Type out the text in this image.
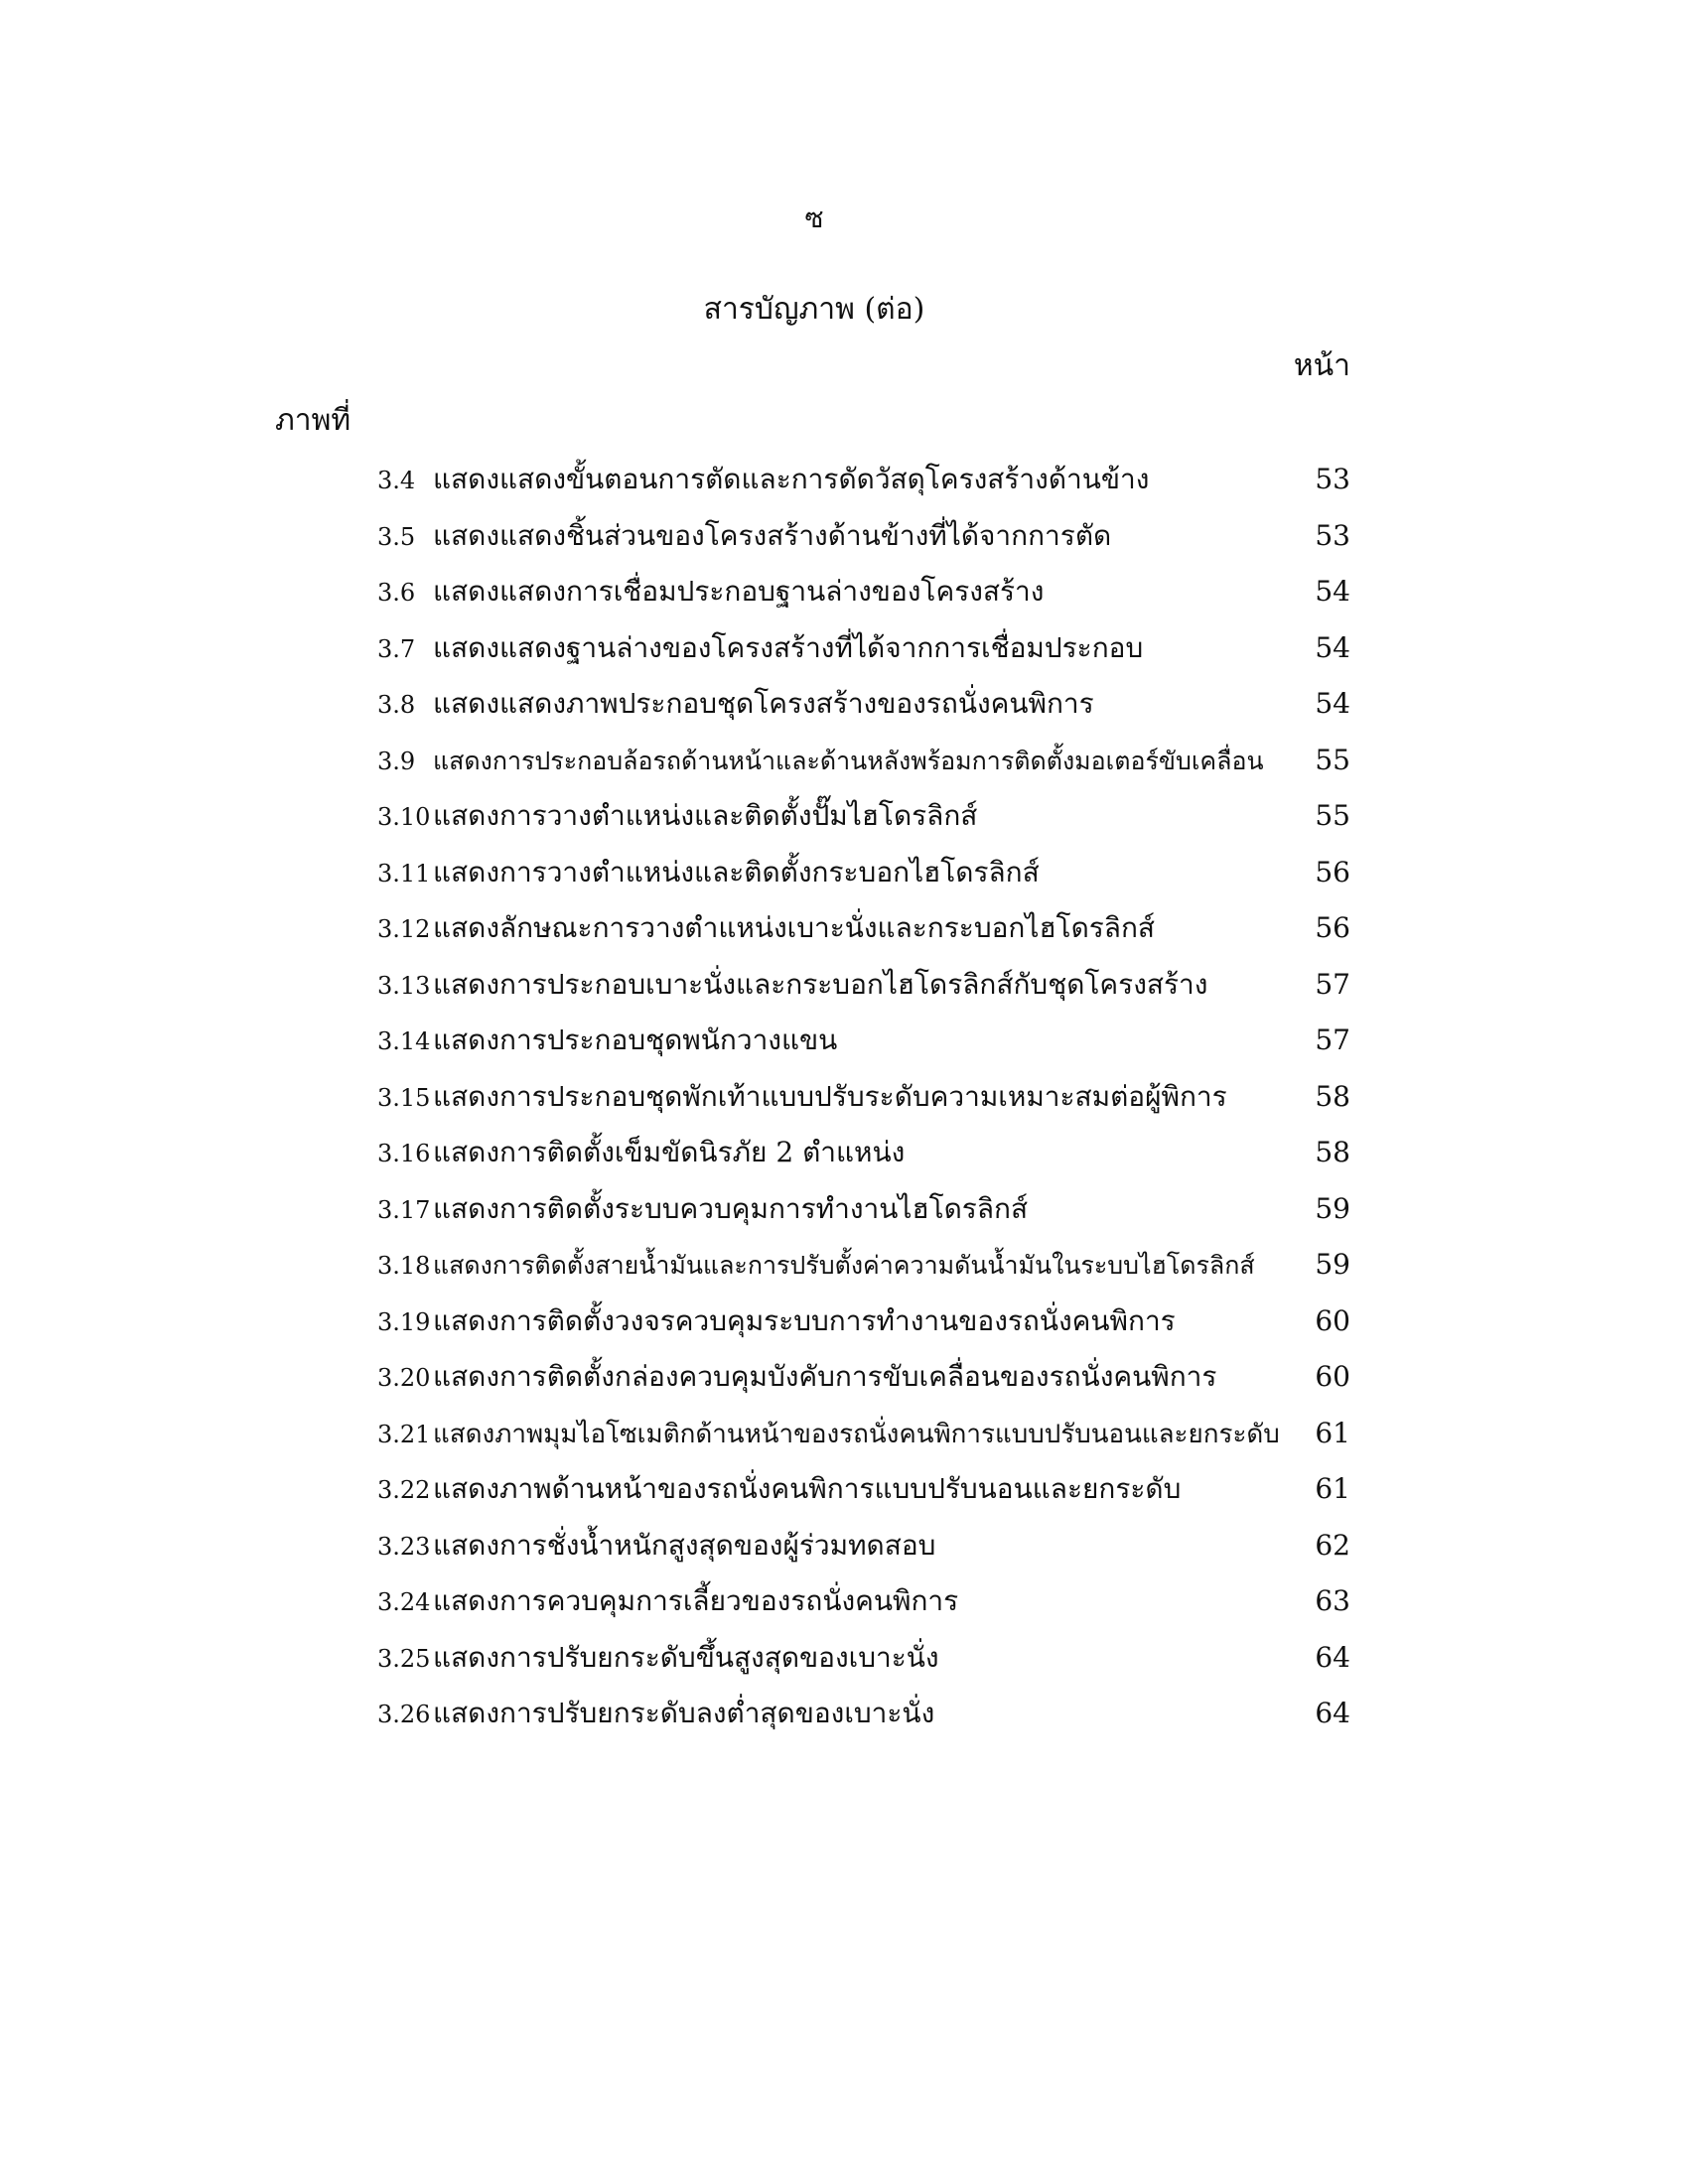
ซ
สารบัญภาพ (ต่อ)
หน้า
ภาพที่
3.4 แสดงแสดงขั้นตอนการตัดและการดัดวัสดุโครงสร้างด้านข้าง	53
3.5 แสดงแสดงชิ้นส่วนของโครงสร้างด้านข้างที่ได้จากการตัด	53
3.6 แสดงแสดงการเชื่อมประกอบฐานล่างของโครงสร้าง	54
3.7 แสดงแสดงฐานล่างของโครงสร้างที่ได้จากการเชื่อมประกอบ	54
3.8 แสดงแสดงภาพประกอบชุดโครงสร้างของรถนั่งคนพิการ	54
3.9 แสดงการประกอบล้อรถด้านหน้าและด้านหลังพร้อมการติดตั้งมอเตอร์ขับเคลื่อน 55
3.10แสดงการวางตำแหน่งและติดตั้งปั๊มไฮโดรลิกส์	55
3.11แสดงการวางตำแหน่งและติดตั้งกระบอกไฮโดรลิกส์	56
3.12แสดงลักษณะการวางตำแหน่งเบาะนั่งและกระบอกไฮโดรลิกส์	56
3.13แสดงการประกอบเบาะนั่งและกระบอกไฮโดรลิกส์กับชุดโครงสร้าง	57
3.14แสดงการประกอบชุดพนักวางแขน	57
3.15แสดงการประกอบชุดพักเท้าแบบปรับระดับความเหมาะสมต่อผู้พิการ	58
3.16แสดงการติดตั้งเข็มขัดนิรภัย 2 ตำแหน่ง	58
3.17แสดงการติดตั้งระบบควบคุมการทำงานไฮโดรลิกส์	59
3.18 แสดงการติดตั้งสายน้ำมันและการปรับตั้งค่าความดันน้ำมันในระบบไฮโดรลิกส์ 59
3.19แสดงการติดตั้งวงจรควบคุมระบบการทำงานของรถนั่งคนพิการ	60
3.20แสดงการติดตั้งกล่องควบคุมบังคับการขับเคลื่อนของรถนั่งคนพิการ	60
3.21แสดงภาพมุมไอโซเมติกด้านหน้าของรถนั่งคนพิการแบบปรับนอนและยกระดับ 61
3.22แสดงภาพด้านหน้าของรถนั่งคนพิการแบบปรับนอนและยกระดับ	61
3.23แสดงการชั่งน้ำหนักสูงสุดของผู้ร่วมทดสอบ	62
3.24แสดงการควบคุมการเลี้ยวของรถนั่งคนพิการ	63
3.25แสดงการปรับยกระดับขึ้นสูงสุดของเบาะนั่ง	64
3.26แสดงการปรับยกระดับลงต่ำสุดของเบาะนั่ง	64
